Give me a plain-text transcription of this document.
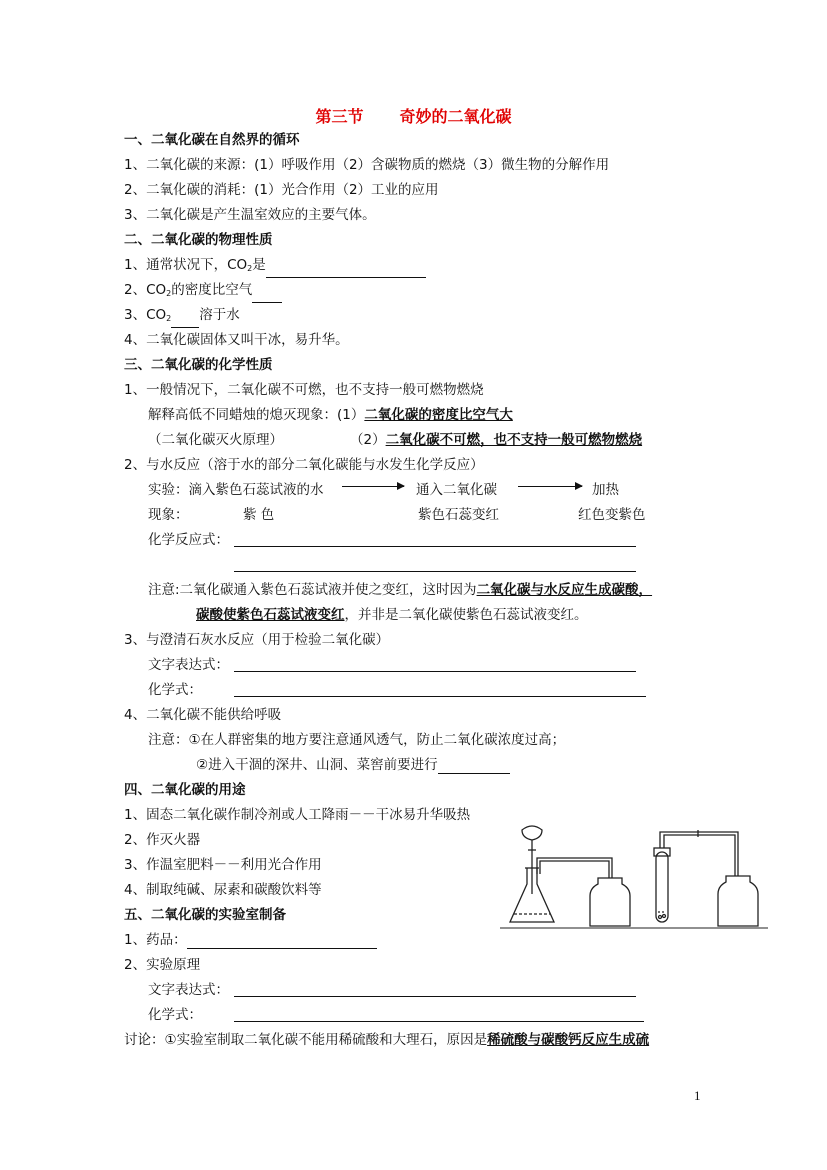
第三节 奇妙的二氧化碳
一、二氧化碳在自然界的循环
1、二氧化碳的来源：(1）呼吸作用（2）含碳物质的燃烧（3）微生物的分解作用
2、二氧化碳的消耗：(1）光合作用（2）工业的应用
3、二氧化碳是产生温室效应的主要气体。
二、二氧化碳的物理性质
1、通常状况下，$CO_2$是
2、$CO_2$的密度比空气
3、$CO_2$ 溶于水
4、二氧化碳固体又叫干冰，易升华。
三、二氧化碳的化学性质
1、一般情况下，二氧化碳不可燃，也不支持一般可燃物燃烧
解释高低不同蜡烛的熄灭现象：(1）二氧化碳的密度比空气大
（二氧化碳灭火原理）	（2）二氧化碳不可燃，也不支持一般可燃物燃烧
2、与水反应（溶于水的部分二氧化碳能与水发生化学反应）
实验：滴入紫色石蕊试液的水	通入二氧化碳	加热
现象：	紫 色	紫色石蕊变红	红色变紫色
化学反应式：
注意:二氧化碳通入紫色石蕊试液并使之变红，这时因为二氧化碳与水反应生成碳酸，
碳酸使紫色石蕊试液变红，并非是二氧化碳使紫色石蕊试液变红。
3、与澄清石灰水反应（用于检验二氧化碳）
文字表达式：
化学式：
4、二氧化碳不能供给呼吸
注意：①在人群密集的地方要注意通风透气，防止二氧化碳浓度过高；
②进入干涸的深井、山洞、菜窖前要进行
四、二氧化碳的用途
1、固态二氧化碳作制冷剂或人工降雨－－干冰易升华吸热
2、作灭火器
3、作温室肥料－－利用光合作用
4、制取纯碱、尿素和碳酸饮料等
五、二氧化碳的实验室制备
1、药品：
2、实验原理
文字表达式：
化学式：
讨论：①实验室制取二氧化碳不能用稀硫酸和大理石，原因是稀硫酸与碳酸钙反应生成硫
1
